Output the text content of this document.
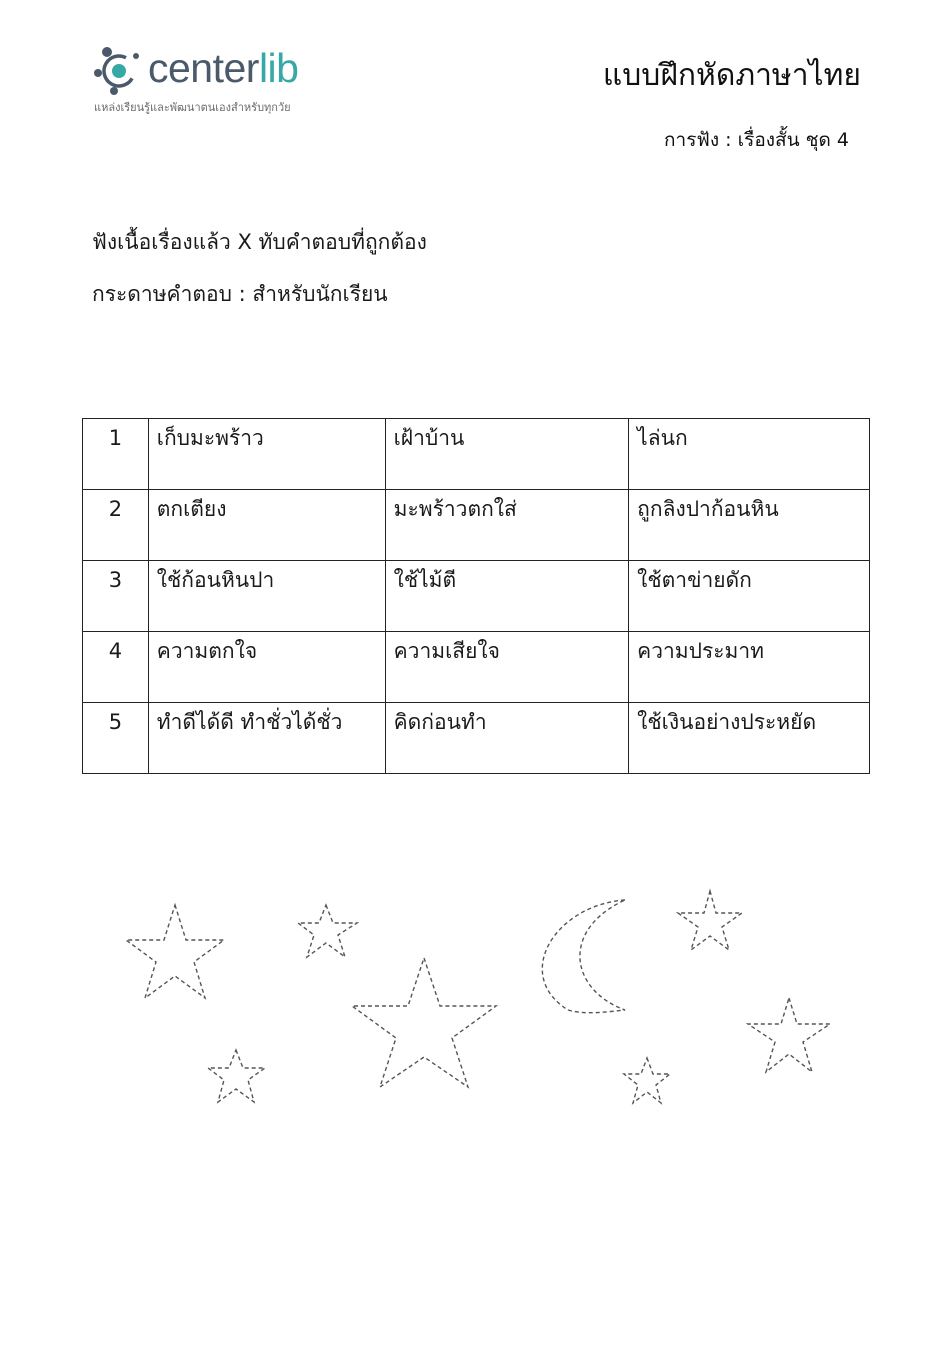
centerlib
แหล่งเรียนรู้และพัฒนาตนเองสำหรับทุกวัย
แบบฝึกหัดภาษาไทย
การฟัง : เรื่องสั้น ชุด 4
ฟังเนื้อเรื่องแล้ว X ทับคำตอบที่ถูกต้อง
กระดาษคำตอบ : สำหรับนักเรียน
1	เก็บมะพร้าว	เฝ้าบ้าน	ไล่นก
2	ตกเตียง	มะพร้าวตกใส่	ถูกลิงปาก้อนหิน
3	ใช้ก้อนหินปา	ใช้ไม้ตี	ใช้ตาข่ายดัก
4	ความตกใจ	ความเสียใจ	ความประมาท
5	ทำดีได้ดี ทำชั่วได้ชั่ว	คิดก่อนทำ	ใช้เงินอย่างประหยัด
